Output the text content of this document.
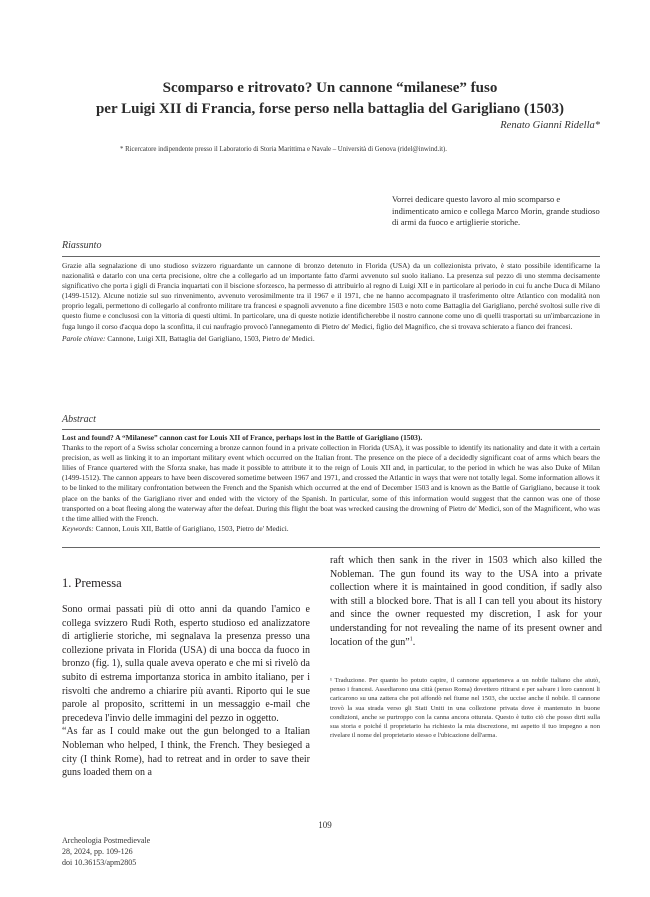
Scomparso e ritrovato? Un cannone “milanese” fuso
per Luigi XII di Francia, forse perso nella battaglia del Garigliano (1503)
Renato Gianni Ridella*
* Ricercatore indipendente presso il Laboratorio di Storia Marittima e Navale – Università di Genova (ridel@inwind.it).
Vorrei dedicare questo lavoro al mio scomparso e indimenticato amico e collega Marco Morin, grande studioso di armi da fuoco e artiglierie storiche.
Riassunto
Grazie alla segnalazione di uno studioso svizzero riguardante un cannone di bronzo detenuto in Florida (USA) da un collezionista privato, è stato possibile identificarne la nazionalità e datarlo con una certa precisione, oltre che a collegarlo ad un importante fatto d'armi avvenuto sul suolo italiano. La presenza sul pezzo di uno stemma decisamente significativo che porta i gigli di Francia inquartati con il biscione sforzesco, ha permesso di attribuirlo al regno di Luigi XII e in particolare al periodo in cui fu anche Duca di Milano (1499-1512). Alcune notizie sul suo rinvenimento, avvenuto verosimilmente tra il 1967 e il 1971, che ne hanno accompagnato il trasferimento oltre Atlantico con modalità non proprio legali, permettono di collegarlo al confronto militare tra francesi e spagnoli avvenuto a fine dicembre 1503 e noto come Battaglia del Garigliano, perché svoltosi sulle rive di questo fiume e conclusosi con la vittoria di questi ultimi. In particolare, una di queste notizie identificherebbe il nostro cannone come uno di quelli trasportati su un'imbarcazione in fuga lungo il corso d'acqua dopo la sconfitta, il cui naufragio provocò l'annegamento di Pietro de' Medici, figlio del Magnifico, che si trovava schierato a fianco dei francesi.
Parole chiave: Cannone, Luigi XII, Battaglia del Garigliano, 1503, Pietro de' Medici.
Abstract
Lost and found? A “Milanese” cannon cast for Louis XII of France, perhaps lost in the Battle of Garigliano (1503).
Thanks to the report of a Swiss scholar concerning a bronze cannon found in a private collection in Florida (USA), it was possible to identify its nationality and date it with a certain precision, as well as linking it to an important military event which occurred on the Italian front. The presence on the piece of a decidedly significant coat of arms which bears the lilies of France quartered with the Sforza snake, has made it possible to attribute it to the reign of Louis XII and, in particular, to the period in which he was also Duke of Milan (1499-1512). The cannon appears to have been discovered sometime between 1967 and 1971, and crossed the Atlantic in ways that were not totally legal. Some information allows it to be linked to the military confrontation between the French and the Spanish which occurred at the end of December 1503 and is known as the Battle of Garigliano, because it took place on the banks of the Garigliano river and ended with the victory of the Spanish. In particular, some of this information would suggest that the cannon was one of those transported on a boat fleeing along the waterway after the defeat. During this flight the boat was wrecked causing the drowning of Pietro de' Medici, son of the Magnificent, who was t the time allied with the French.
Keywords: Cannon, Louis XII, Battle of Garigliano, 1503, Pietro de' Medici.
1. Premessa

Sono ormai passati più di otto anni da quando l'amico e collega svizzero Rudi Roth, esperto studioso ed analizzatore di artiglierie storiche, mi segnalava la presenza presso una collezione privata in Florida (USA) di una bocca da fuoco in bronzo (fig. 1), sulla quale aveva operato e che mi si rivelò da subito di estrema importanza storica in ambito italiano, per i risvolti che andremo a chiarire più avanti. Riporto qui le sue parole al proposito, scrittemi in un messaggio e-mail che precedeva l'invio delle immagini del pezzo in oggetto.

“As far as I could make out the gun belonged to a Italian Nobleman who helped, I think, the French. They besieged a city (I think Rome), had to retreat and in order to save their guns loaded them on a

raft which then sank in the river in 1503 which also killed the Nobleman. The gun found its way to the USA into a private collection where it is maintained in good condition, if sadly also with still a blocked bore. That is all I can tell you about its history and since the owner requested my discretion, I ask for your understanding for not revealing the name of its present owner and location of the gun”$^1$.
¹ Traduzione. Per quanto ho potuto capire, il cannone apparteneva a un nobile italiano che aiutò, penso i francesi. Assediarono una città (penso Roma) dovettero ritirarsi e per salvare i loro cannoni li caricarono su una zattera che poi affondò nel fiume nel 1503, che uccise anche il nobile. Il cannone trovò la sua strada verso gli Stati Uniti in una collezione privata dove è mantenuto in buone condizioni, anche se purtroppo con la canna ancora otturata. Questo è tutto ciò che posso dirti sulla sua storia e poiché il proprietario ha richiesto la mia discrezione, mi aspetto il tuo impegno a non rivelare il nome del proprietario stesso e l'ubicazione dell'arma.
109
Archeologia Postmedievale
28, 2024, pp. 109-126
doi 10.36153/apm2805
